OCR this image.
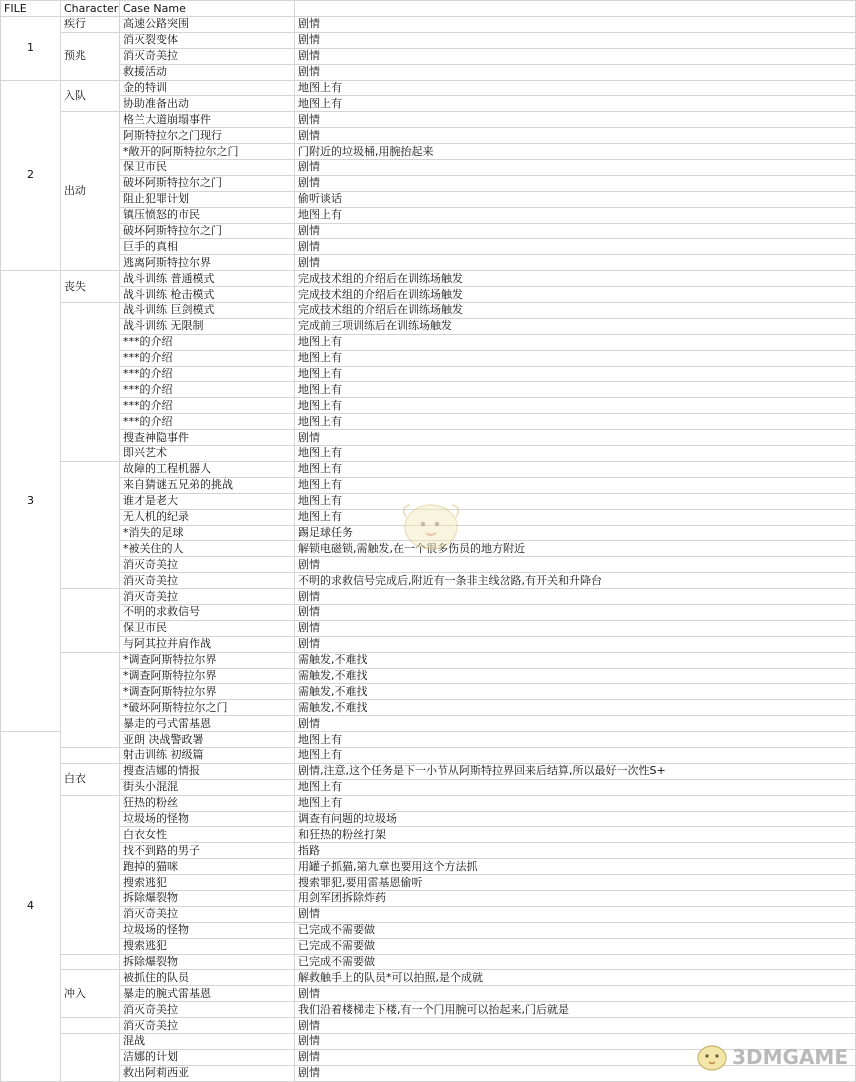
FILE	Character	Case Name	
1	疾行	高速公路突围	剧情
	预兆	消灭裂变体	剧情
		消灭奇美拉	剧情
		救援活动	剧情
2	入队	金的特训	地图上有
		协助准备出动	地图上有
	出动	格兰大道崩塌事件	剧情
		阿斯特拉尔之门现行	剧情
		*敞开的阿斯特拉尔之门	门附近的垃圾桶,用腕抬起来
		保卫市民	剧情
		破坏阿斯特拉尔之门	剧情
		阻止犯罪计划	偷听谈话
		镇压愤怒的市民	地图上有
		破坏阿斯特拉尔之门	剧情
		巨手的真相	剧情
		逃离阿斯特拉尔界	剧情
3	丧失	战斗训练 普通模式	完成技术组的介绍后在训练场触发
		战斗训练 枪击模式	完成技术组的介绍后在训练场触发
		战斗训练 巨剑模式	完成技术组的介绍后在训练场触发
		战斗训练 无限制	完成前三项训练后在训练场触发
		***的介绍	地图上有
		***的介绍	地图上有
		***的介绍	地图上有
		***的介绍	地图上有
		***的介绍	地图上有
		***的介绍	地图上有
		搜查神隐事件	剧情
		即兴艺术	地图上有
		故障的工程机器人	地图上有
		来自猜谜五兄弟的挑战	地图上有
		谁才是老大	地图上有
		无人机的纪录	地图上有
		*消失的足球	踢足球任务
		*被关住的人	解锁电磁锁,需触发,在一个很多伤员的地方附近
		消灭奇美拉	剧情
		消灭奇美拉	不明的求救信号完成后,附近有一条非主线岔路,有开关和升降台
		消灭奇美拉	剧情
		不明的求救信号	剧情
		保卫市民	剧情
		与阿其拉并肩作战	剧情
		*调查阿斯特拉尔界	需触发,不难找
		*调查阿斯特拉尔界	需触发,不难找
		*调查阿斯特拉尔界	需触发,不难找
		*破坏阿斯特拉尔之门	需触发,不难找
		暴走的弓式雷基恩	剧情
4		亚朗 决战警政署	地图上有
		射击训练 初级篇	地图上有
	白衣	搜查洁娜的情报	剧情,注意,这个任务是下一小节从阿斯特拉界回来后结算,所以最好一次性S+
		街头小混混	地图上有
		狂热的粉丝	地图上有
		垃圾场的怪物	调查有问题的垃圾场
		白衣女性	和狂热的粉丝打架
		找不到路的男子	指路
		跑掉的猫咪	用罐子抓猫,第九章也要用这个方法抓
		搜索逃犯	搜索罪犯,要用雷基恩偷听
		拆除爆裂物	用剑军团拆除炸药
		消灭奇美拉	剧情
		垃圾场的怪物	已完成不需要做
		搜索逃犯	已完成不需要做
		拆除爆裂物	已完成不需要做
	冲入	被抓住的队员	解救触手上的队员*可以拍照,是个成就
		暴走的腕式雷基恩	剧情
		消灭奇美拉	我们沿着楼梯走下楼,有一个门用腕可以抬起来,门后就是
		消灭奇美拉	剧情
		混战	剧情
		洁娜的计划	剧情
		救出阿莉西亚	剧情
3DMGAME
